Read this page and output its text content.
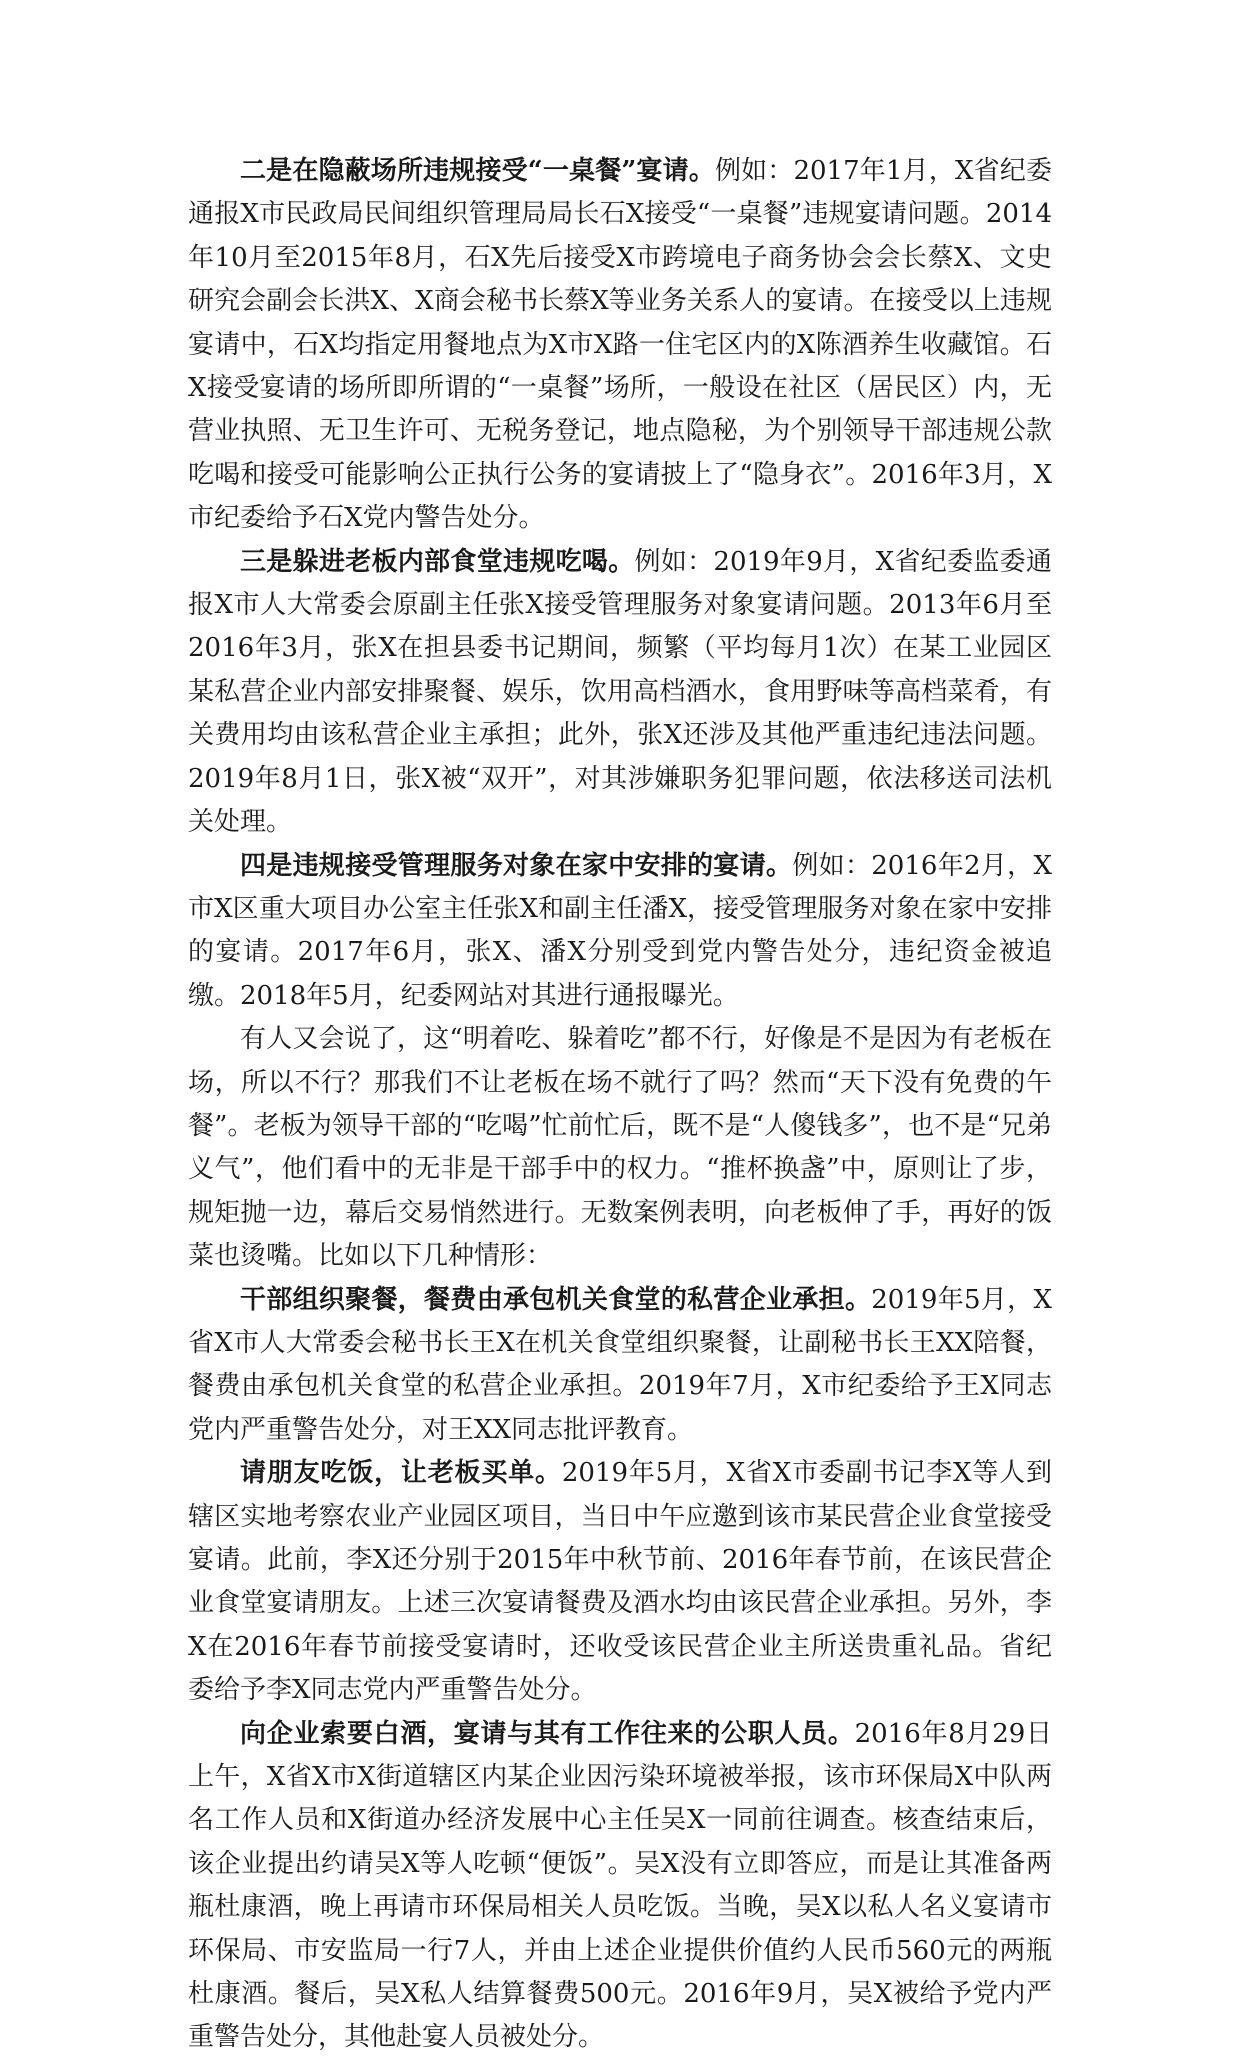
二是在隐蔽场所违规接受“一桌餐”宴请。例如：2017年1月，X省纪委通报X市民政局民间组织管理局局长石X接受“一桌餐”违规宴请问题。2014年10月至2015年8月，石X先后接受X市跨境电子商务协会会长蔡X、文史研究会副会长洪X、X商会秘书长蔡X等业务关系人的宴请。在接受以上违规宴请中，石X均指定用餐地点为X市X路一住宅区内的X陈酒养生收藏馆。石X接受宴请的场所即所谓的“一桌餐”场所，一般设在社区（居民区）内，无营业执照、无卫生许可、无税务登记，地点隐秘，为个别领导干部违规公款吃喝和接受可能影响公正执行公务的宴请披上了“隐身衣”。2016年3月，X市纪委给予石X党内警告处分。

三是躲进老板内部食堂违规吃喝。例如：2019年9月，X省纪委监委通报X市人大常委会原副主任张X接受管理服务对象宴请问题。2013年6月至2016年3月，张X在担县委书记期间，频繁（平均每月1次）在某工业园区某私营企业内部安排聚餐、娱乐，饮用高档酒水，食用野味等高档菜肴，有关费用均由该私营企业主承担；此外，张X还涉及其他严重违纪违法问题。2019年8月1日，张X被“双开”，对其涉嫌职务犯罪问题，依法移送司法机关处理。

四是违规接受管理服务对象在家中安排的宴请。例如：2016年2月，X市X区重大项目办公室主任张X和副主任潘X，接受管理服务对象在家中安排的宴请。2017年6月，张X、潘X分别受到党内警告处分，违纪资金被追缴。2018年5月，纪委网站对其进行通报曝光。

有人又会说了，这“明着吃、躲着吃”都不行，好像是不是因为有老板在场，所以不行？那我们不让老板在场不就行了吗？然而“天下没有免费的午餐”。老板为领导干部的“吃喝”忙前忙后，既不是“人傻钱多”，也不是“兄弟义气”，他们看中的无非是干部手中的权力。“推杯换盏”中，原则让了步，规矩抛一边，幕后交易悄然进行。无数案例表明，向老板伸了手，再好的饭菜也烫嘴。比如以下几种情形：

干部组织聚餐，餐费由承包机关食堂的私营企业承担。2019年5月，X省X市人大常委会秘书长王X在机关食堂组织聚餐，让副秘书长王XX陪餐，餐费由承包机关食堂的私营企业承担。2019年7月，X市纪委给予王X同志党内严重警告处分，对王XX同志批评教育。

请朋友吃饭，让老板买单。2019年5月，X省X市委副书记李X等人到辖区实地考察农业产业园区项目，当日中午应邀到该市某民营企业食堂接受宴请。此前，李X还分别于2015年中秋节前、2016年春节前，在该民营企业食堂宴请朋友。上述三次宴请餐费及酒水均由该民营企业承担。另外，李X在2016年春节前接受宴请时，还收受该民营企业主所送贵重礼品。省纪委给予李X同志党内严重警告处分。

向企业索要白酒，宴请与其有工作往来的公职人员。2016年8月29日上午，X省X市X街道辖区内某企业因污染环境被举报，该市环保局X中队两名工作人员和X街道办经济发展中心主任吴X一同前往调查。核查结束后，该企业提出约请吴X等人吃顿“便饭”。吴X没有立即答应，而是让其准备两瓶杜康酒，晚上再请市环保局相关人员吃饭。当晚，吴X以私人名义宴请市环保局、市安监局一行7人，并由上述企业提供价值约人民币560元的两瓶杜康酒。餐后，吴X私人结算餐费500元。2016年9月，吴X被给予党内严重警告处分，其他赴宴人员被处分。
